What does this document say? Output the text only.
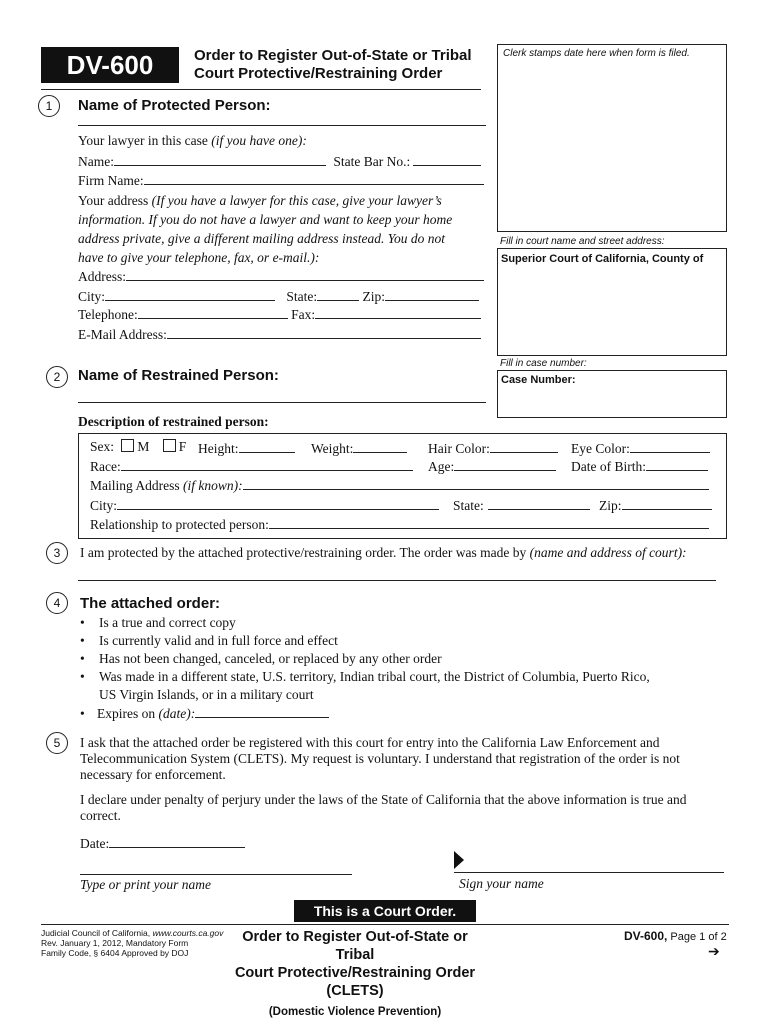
DV-600	Order to Register Out-of-State or Tribal
Court Protective/Restraining Order
Clerk stamps date here when form is filed.
Fill in court name and street address:
Superior Court of California, County of
Fill in case number:
Case Number:
1	Name of Protected Person:
Your lawyer in this case (if you have one):
Name:	State Bar No.:
Firm Name:
Your address (If you have a lawyer for this case, give your lawyer’s
information. If you do not have a lawyer and want to keep your home
address private, give a different mailing address instead. You do not
have to give your telephone, fax, or e-mail.):
Address:
City:	State:	Zip:
Telephone:	Fax:
E-Mail Address:
2	Name of Restrained Person:
Description of restrained person:
Sex: M F Height:	Weight:	Hair Color:	Eye Color:
Race:	Age:	Date of Birth:
Mailing Address (if known):
City:	State:	Zip:
Relationship to protected person:
3	I am protected by the attached protective/restraining order. The order was made by (name and address of court):
4	The attached order:
• Is a true and correct copy
• Is currently valid and in full force and effect
• Has not been changed, canceled, or replaced by any other order
• Was made in a different state, U.S. territory, Indian tribal court, the District of Columbia, Puerto Rico,
US Virgin Islands, or in a military court
• Expires on (date):
5	I ask that the attached order be registered with this court for entry into the California Law Enforcement and
Telecommunication System (CLETS). My request is voluntary. I understand that registration of the order is not
necessary for enforcement.
I declare under penalty of perjury under the laws of the State of California that the above information is true and
correct.
Date:
Type or print your name	Sign your name
This is a Court Order.
Judicial Council of California, www.courts.ca.gov
Rev. January 1, 2012, Mandatory Form
Family Code, § 6404 Approved by DOJ
Order to Register Out-of-State or Tribal
Court Protective/Restraining Order (CLETS)
(Domestic Violence Prevention)
DV-600, Page 1 of 2
➔
